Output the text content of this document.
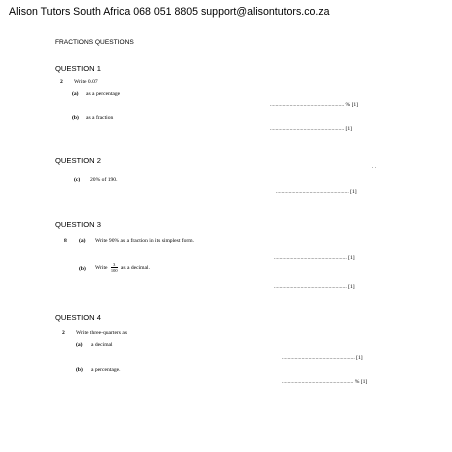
Alison Tutors South Africa 068 051 8805 support@alisontutors.co.za
FRACTIONS QUESTIONS
QUESTION 1
2 Write 0.07
(a) as a percentage
..................................................... % [1]
(b) as a fraction
..................................................... [1]
QUESTION 2
. .
(c) 20% of 190.
.................................................... [1]
QUESTION 3
8 (a) Write 90% as a fraction in its simplest form.
.................................................... [1]
(b) Write $\frac{3}{100}$ as a decimal.
.................................................... [1]
QUESTION 4
2 Write three-quarters as
(a) a decimal
.................................................... [1]
(b) a percentage.
................................................... % [1]
